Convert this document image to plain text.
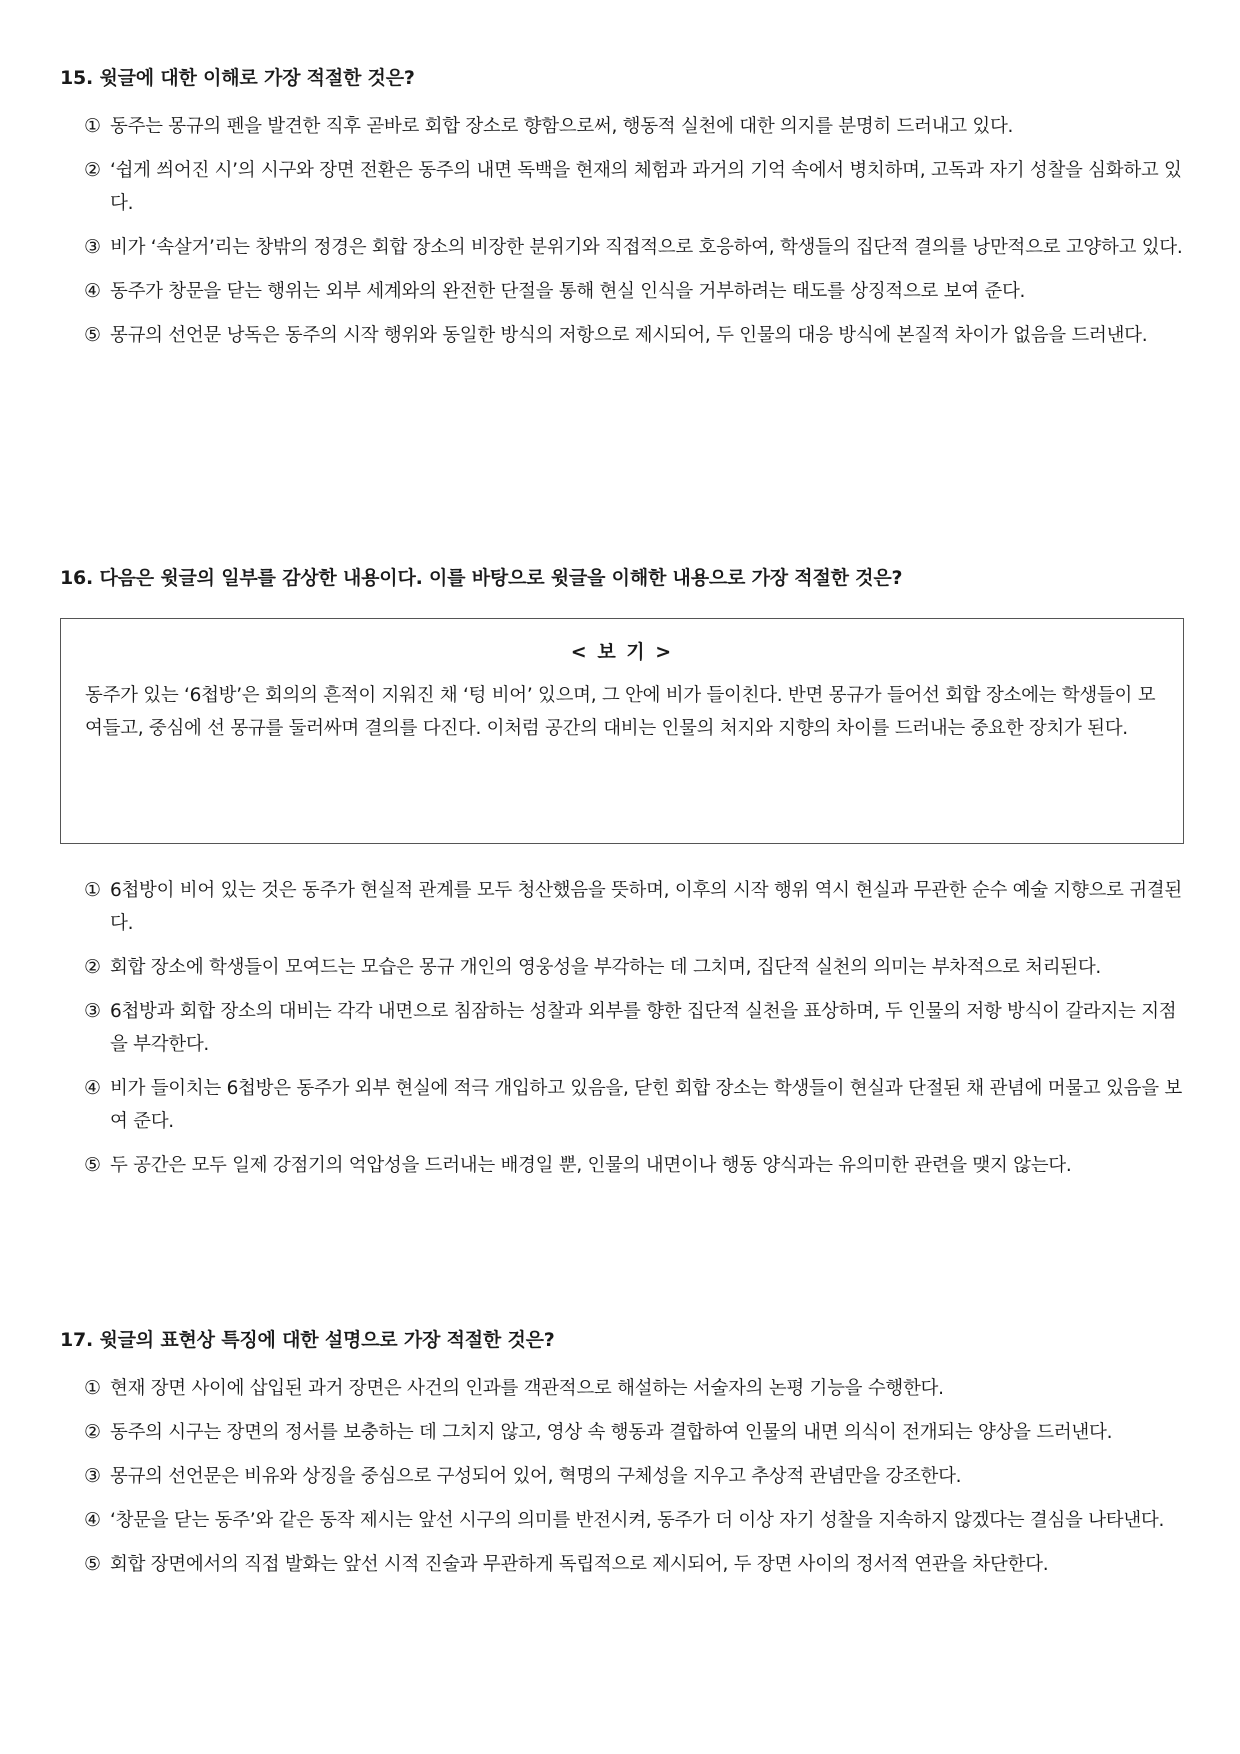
15. 윗글에 대한 이해로 가장 적절한 것은?
① 동주는 몽규의 펜을 발견한 직후 곧바로 회합 장소로 향함으로써, 행동적 실천에 대한 의지를 분명히 드러내고 있다.
② ‘쉽게 씌어진 시’의 시구와 장면 전환은 동주의 내면 독백을 현재의 체험과 과거의 기억 속에서 병치하며, 고독과 자기 성찰을 심화하고 있다.
③ 비가 ‘속살거’리는 창밖의 정경은 회합 장소의 비장한 분위기와 직접적으로 호응하여, 학생들의 집단적 결의를 낭만적으로 고양하고 있다.
④ 동주가 창문을 닫는 행위는 외부 세계와의 완전한 단절을 통해 현실 인식을 거부하려는 태도를 상징적으로 보여 준다.
⑤ 몽규의 선언문 낭독은 동주의 시작 행위와 동일한 방식의 저항으로 제시되어, 두 인물의 대응 방식에 본질적 차이가 없음을 드러낸다.
16. 다음은 윗글의 일부를 감상한 내용이다. 이를 바탕으로 윗글을 이해한 내용으로 가장 적절한 것은?
< 보 기 >

동주가 있는 ‘6첩방’은 회의의 흔적이 지워진 채 ‘텅 비어’ 있으며, 그 안에 비가 들이친다. 반면 몽규가 들어선 회합 장소에는 학생들이 모여들고, 중심에 선 몽규를 둘러싸며 결의를 다진다. 이처럼 공간의 대비는 인물의 처지와 지향의 차이를 드러내는 중요한 장치가 된다.

① 6첩방이 비어 있는 것은 동주가 현실적 관계를 모두 청산했음을 뜻하며, 이후의 시작 행위 역시 현실과 무관한 순수 예술 지향으로 귀결된다.
② 회합 장소에 학생들이 모여드는 모습은 몽규 개인의 영웅성을 부각하는 데 그치며, 집단적 실천의 의미는 부차적으로 처리된다.
③ 6첩방과 회합 장소의 대비는 각각 내면으로 침잠하는 성찰과 외부를 향한 집단적 실천을 표상하며, 두 인물의 저항 방식이 갈라지는 지점을 부각한다.
④ 비가 들이치는 6첩방은 동주가 외부 현실에 적극 개입하고 있음을, 닫힌 회합 장소는 학생들이 현실과 단절된 채 관념에 머물고 있음을 보여 준다.
⑤ 두 공간은 모두 일제 강점기의 억압성을 드러내는 배경일 뿐, 인물의 내면이나 행동 양식과는 유의미한 관련을 맺지 않는다.
17. 윗글의 표현상 특징에 대한 설명으로 가장 적절한 것은?
① 현재 장면 사이에 삽입된 과거 장면은 사건의 인과를 객관적으로 해설하는 서술자의 논평 기능을 수행한다.
② 동주의 시구는 장면의 정서를 보충하는 데 그치지 않고, 영상 속 행동과 결합하여 인물의 내면 의식이 전개되는 양상을 드러낸다.
③ 몽규의 선언문은 비유와 상징을 중심으로 구성되어 있어, 혁명의 구체성을 지우고 추상적 관념만을 강조한다.
④ ‘창문을 닫는 동주’와 같은 동작 제시는 앞선 시구의 의미를 반전시켜, 동주가 더 이상 자기 성찰을 지속하지 않겠다는 결심을 나타낸다.
⑤ 회합 장면에서의 직접 발화는 앞선 시적 진술과 무관하게 독립적으로 제시되어, 두 장면 사이의 정서적 연관을 차단한다.
